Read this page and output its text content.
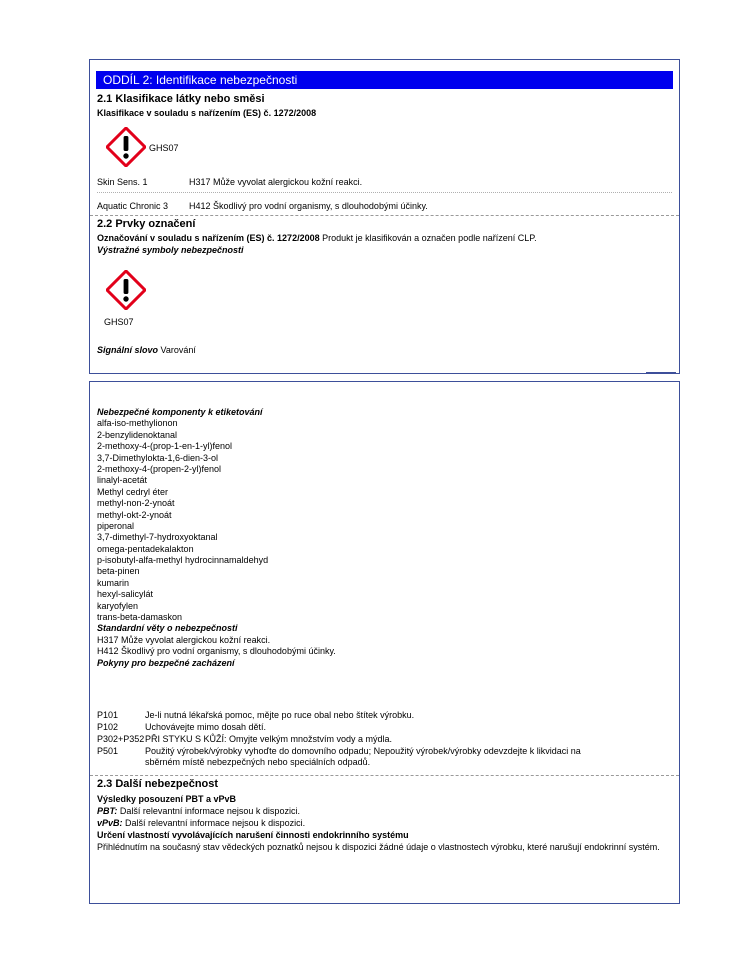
ODDÍL 2: Identifikace nebezpečnosti
2.1 Klasifikace látky nebo směsi
Klasifikace v souladu s nařízením (ES) č. 1272/2008
GHS07
Skin Sens. 1	H317 Může vyvolat alergickou kožní reakci.
Aquatic Chronic 3 H412 Škodlivý pro vodní organismy, s dlouhodobými účinky.
2.2 Prvky označení
Označování v souladu s nařízením (ES) č. 1272/2008 Produkt je klasifikován a označen podle nařízení CLP.
Výstražné symboly nebezpečnosti
GHS07
Signální slovo Varování
Nebezpečné komponenty k etiketování
alfa-iso-methylionon
2-benzylidenoktanal
2-methoxy-4-(prop-1-en-1-yl)fenol
3,7-Dimethylokta-1,6-dien-3-ol
2-methoxy-4-(propen-2-yl)fenol
linalyl-acetát
Methyl cedryl éter
methyl-non-2-ynoát
methyl-okt-2-ynoát
piperonal
3,7-dimethyl-7-hydroxyoktanal
omega-pentadekalakton
p-isobutyl-alfa-methyl hydrocinnamaldehyd
beta-pinen
kumarin
hexyl-salicylát
karyofylen
trans-beta-damaskon
Standardní věty o nebezpečnosti
H317 Může vyvolat alergickou kožní reakci.
H412 Škodlivý pro vodní organismy, s dlouhodobými účinky.
Pokyny pro bezpečné zacházení
P101	Je-li nutná lékařská pomoc, mějte po ruce obal nebo štítek výrobku.
P102	Uchovávejte mimo dosah dětí.
P302+P352 PŘI STYKU S KŮŽÍ: Omyjte velkým množstvím vody a mýdla.
P501	Použitý výrobek/výrobky vyhoďte do domovního odpadu; Nepoužitý výrobek/výrobky odevzdejte k likvidaci na sběrném místě nebezpečných nebo speciálních odpadů.
2.3 Další nebezpečnost
Výsledky posouzení PBT a vPvB
PBT: Další relevantní informace nejsou k dispozici.
vPvB: Další relevantní informace nejsou k dispozici.
Určení vlastností vyvolávajících narušení činnosti endokrinního systému
Přihlédnutím na současný stav vědeckých poznatků nejsou k dispozici žádné údaje o vlastnostech výrobku, které narušují endokrinní systém.
